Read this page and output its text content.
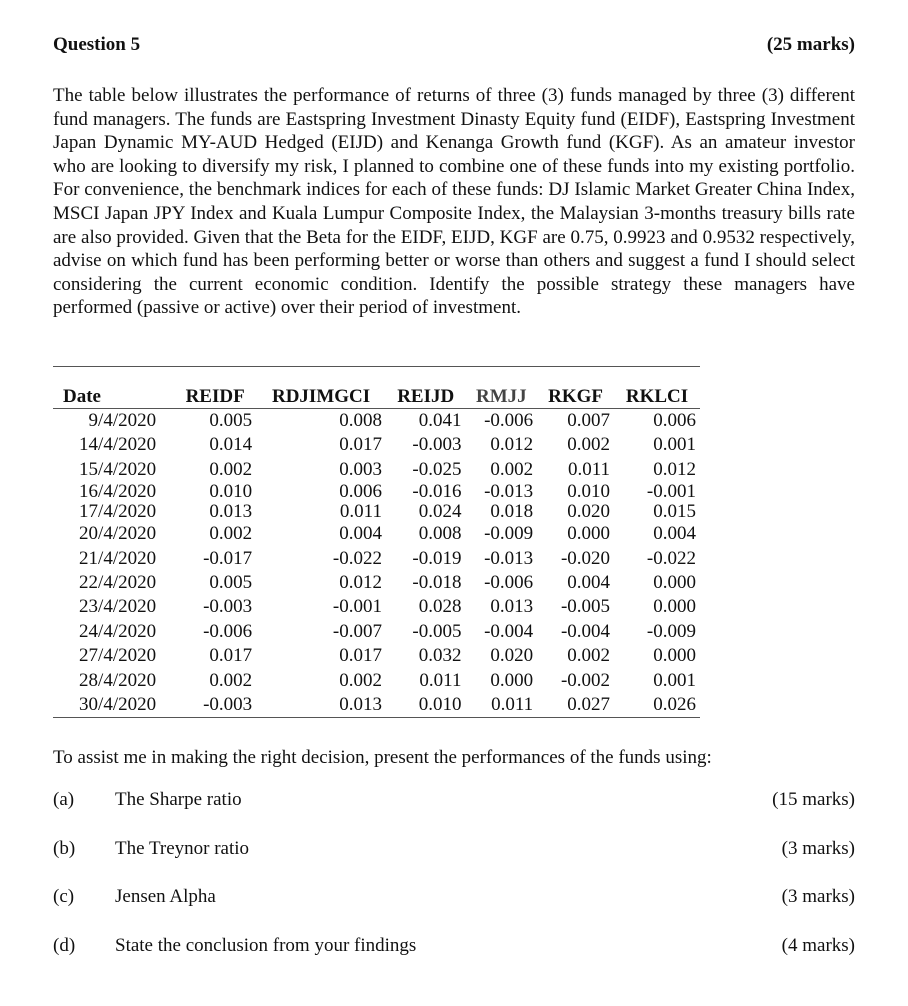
Question 5	(25 marks)
The table below illustrates the performance of returns of three (3) funds managed by three (3) different fund managers. The funds are Eastspring Investment Dinasty Equity fund (EIDF), Eastspring Investment Japan Dynamic MY-AUD Hedged (EIJD) and Kenanga Growth fund (KGF). As an amateur investor who are looking to diversify my risk, I planned to combine one of these funds into my existing portfolio. For convenience, the benchmark indices for each of these funds: DJ Islamic Market Greater China Index, MSCI Japan JPY Index and Kuala Lumpur Composite Index, the Malaysian 3-months treasury bills rate are also provided. Given that the Beta for the EIDF, EIJD, KGF are 0.75, 0.9923 and 0.9532 respectively, advise on which fund has been performing better or worse than others and suggest a fund I should select considering the current economic condition. Identify the possible strategy these managers have performed (passive or active) over their period of investment.
Date	REIDF	RDJIMGCI	REIJD	RMJJ	RKGF	RKLCI
9/4/2020	0.005	0.008	0.041	-0.006	0.007	0.006
14/4/2020	0.014	0.017	-0.003	0.012	0.002	0.001
15/4/2020	0.002	0.003	-0.025	0.002	0.011	0.012
16/4/2020	0.010	0.006	-0.016	-0.013	0.010	-0.001
17/4/2020	0.013	0.011	0.024	0.018	0.020	0.015
20/4/2020	0.002	0.004	0.008	-0.009	0.000	0.004
21/4/2020	-0.017	-0.022	-0.019	-0.013	-0.020	-0.022
22/4/2020	0.005	0.012	-0.018	-0.006	0.004	0.000
23/4/2020	-0.003	-0.001	0.028	0.013	-0.005	0.000
24/4/2020	-0.006	-0.007	-0.005	-0.004	-0.004	-0.009
27/4/2020	0.017	0.017	0.032	0.020	0.002	0.000
28/4/2020	0.002	0.002	0.011	0.000	-0.002	0.001
30/4/2020	-0.003	0.013	0.010	0.011	0.027	0.026
To assist me in making the right decision, present the performances of the funds using:
(a)	The Sharpe ratio	(15 marks)
(b)	The Treynor ratio	(3 marks)
(c)	Jensen Alpha	(3 marks)
(d)	State the conclusion from your findings	(4 marks)
